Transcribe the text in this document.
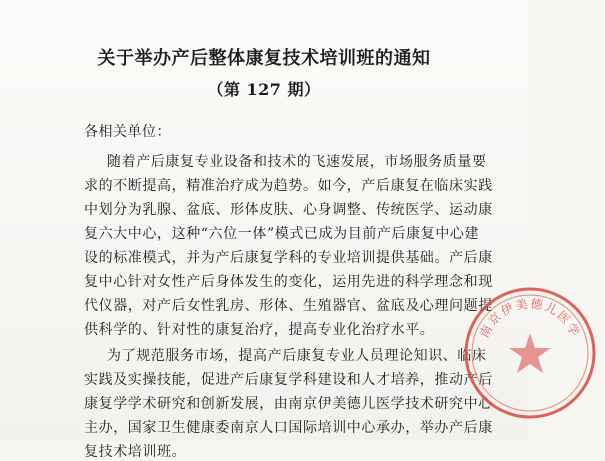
关于举办产后整体康复技术培训班的通知
（第 127 期）
各相关单位：
随着产后康复专业设备和技术的飞速发展，市场服务质量要
求的不断提高，精准治疗成为趋势。如今，产后康复在临床实践
中划分为乳腺、盆底、形体皮肤、心身调整、传统医学、运动康
复六大中心，这种“六位一体”模式已成为目前产后康复中心建
设的标准模式，并为产后康复学科的专业培训提供基础。产后康
复中心针对女性产后身体发生的变化，运用先进的科学理念和现
代仪器，对产后女性乳房、形体、生殖器官、盆底及心理问题提
供科学的、针对性的康复治疗，提高专业化治疗水平。
为了规范服务市场，提高产后康复专业人员理论知识、临床
实践及实操技能，促进产后康复学科建设和人才培养，推动产后
康复学学术研究和创新发展，由南京伊美德儿医学技术研究中心
主办，国家卫生健康委南京人口国际培训中心承办，举办产后康
复技术培训班。
南京伊美德儿医学
